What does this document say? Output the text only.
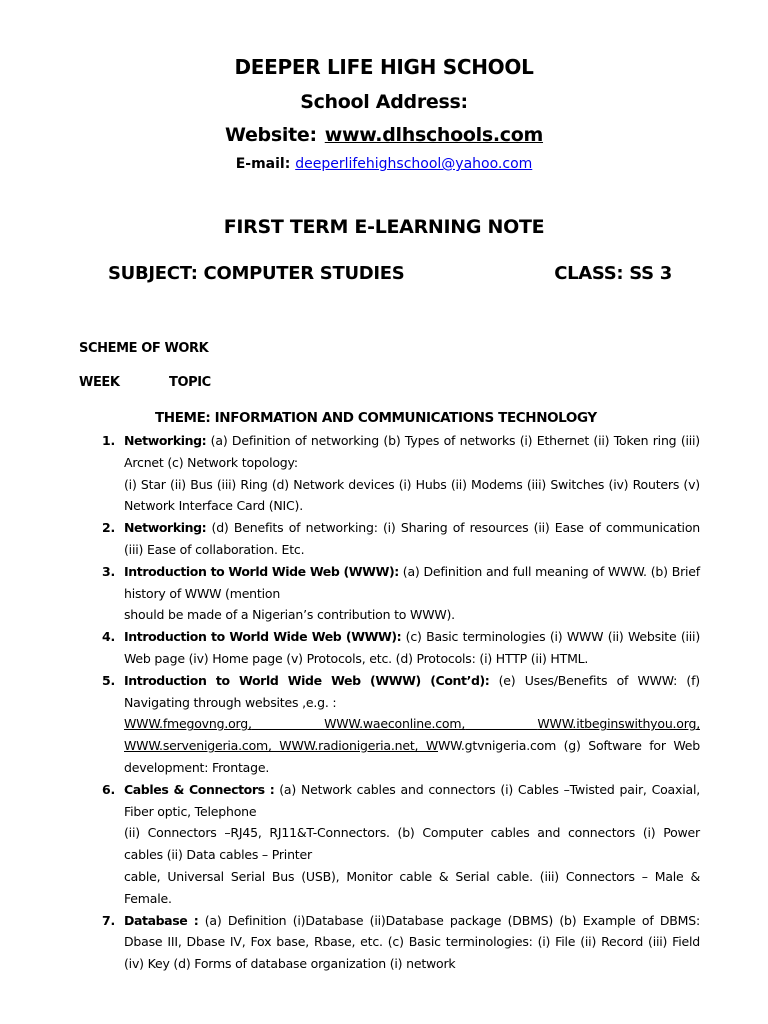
DEEPER LIFE HIGH SCHOOL
School Address:
Website: www.dlhschools.com
E-mail: deeperlifehighschool@yahoo.com
FIRST TERM E-LEARNING NOTE
SUBJECT: COMPUTER STUDIES	CLASS: SS 3
SCHEME OF WORK
WEEK	TOPIC
THEME: INFORMATION AND COMMUNICATIONS TECHNOLOGY
1. Networking: (a) Definition of networking (b) Types of networks (i) Ethernet (ii) Token ring (iii) Arcnet (c) Network topology:
(i) Star (ii) Bus (iii) Ring (d) Network devices (i) Hubs (ii) Modems (iii) Switches (iv) Routers (v) Network Interface Card (NIC).
2. Networking: (d) Benefits of networking: (i) Sharing of resources (ii) Ease of communication (iii) Ease of collaboration. Etc.
3. Introduction to World Wide Web (WWW): (a) Definition and full meaning of WWW. (b) Brief history of WWW (mention
should be made of a Nigerian’s contribution to WWW).
4. Introduction to World Wide Web (WWW): (c) Basic terminologies (i) WWW (ii) Website (iii) Web page (iv) Home page (v) Protocols, etc. (d) Protocols: (i) HTTP (ii) HTML.
5. Introduction to World Wide Web (WWW) (Cont’d): (e) Uses/Benefits of WWW: (f) Navigating through websites ,e.g. :
WWW.fmegovng.org,	WWW.waeconline.com,	WWW.itbeginswithyou.org,
WWW.servenigeria.com, WWW.radionigeria.net, WWW.gtvnigeria.com (g) Software for Web development: Frontage.
6. Cables & Connectors : (a) Network cables and connectors (i) Cables –Twisted pair, Coaxial, Fiber optic, Telephone
(ii) Connectors –RJ45, RJ11&T-Connectors. (b) Computer cables and connectors (i) Power cables (ii) Data cables – Printer
cable, Universal Serial Bus (USB), Monitor cable & Serial cable. (iii) Connectors – Male & Female.
7. Database : (a) Definition (i)Database (ii)Database package (DBMS) (b) Example of DBMS: Dbase III, Dbase IV, Fox base, Rbase, etc. (c) Basic terminologies: (i) File (ii) Record (iii) Field (iv) Key (d) Forms of database organization (i) network
